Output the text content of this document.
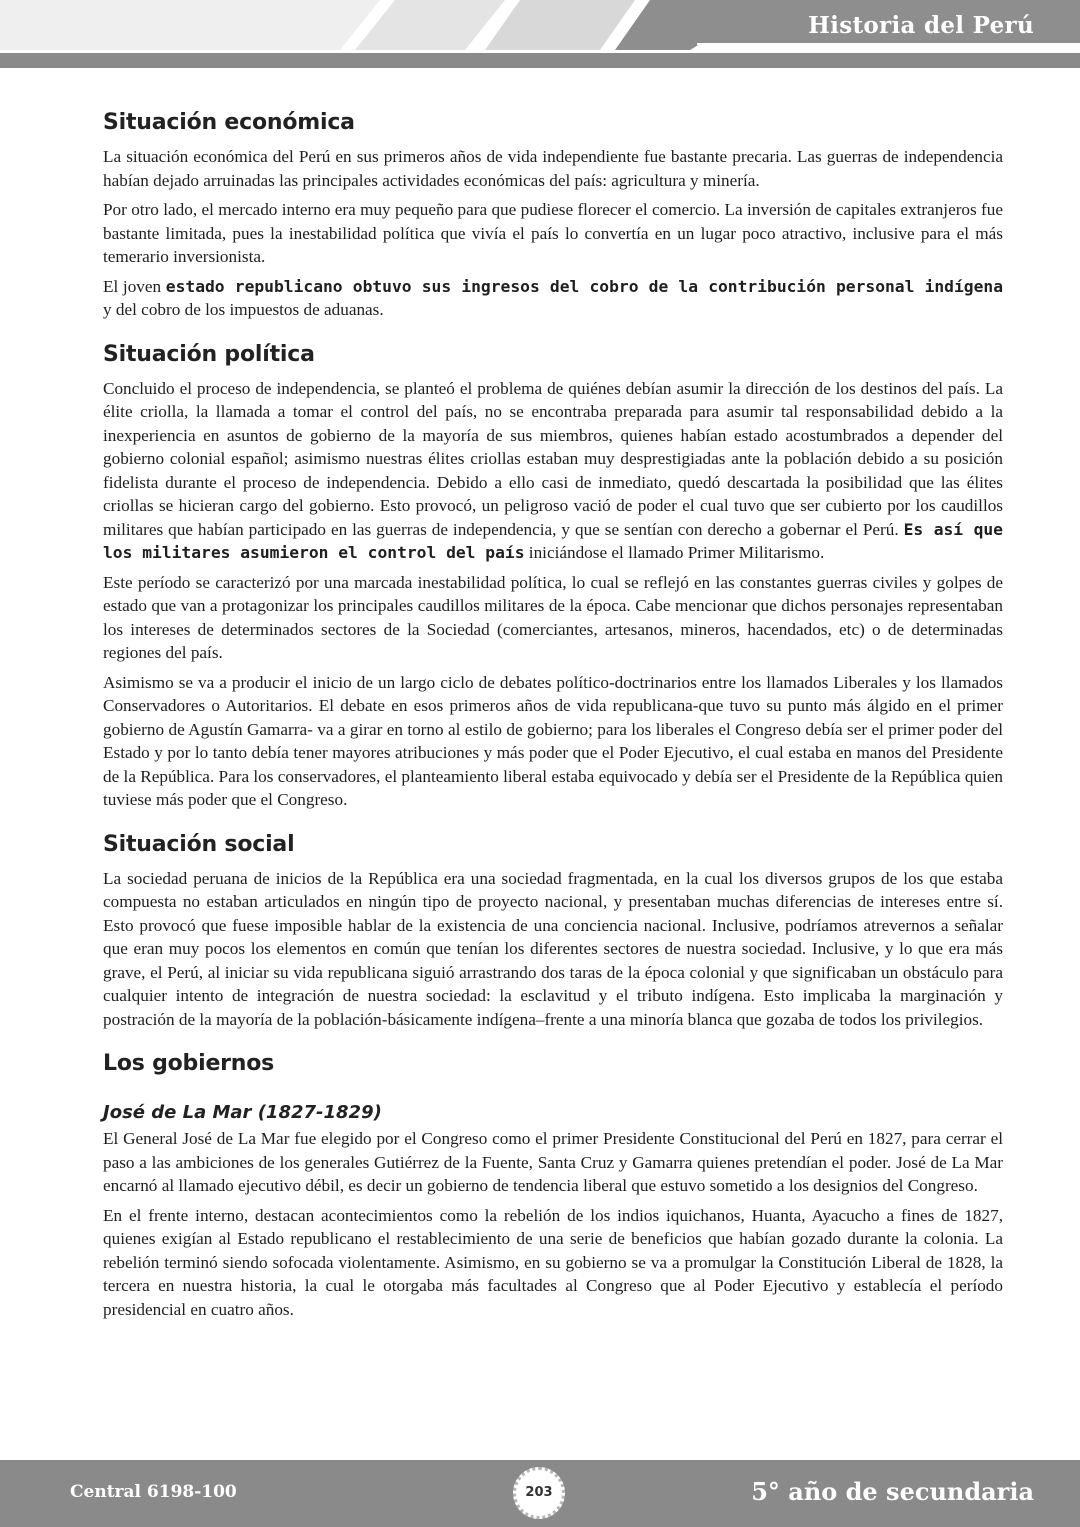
Historia del Perú
Situación económica

La situación económica del Perú en sus primeros años de vida independiente fue bastante precaria. Las guerras de independencia habían dejado arruinadas las principales actividades económicas del país: agricultura y minería.

Por otro lado, el mercado interno era muy pequeño para que pudiese florecer el comercio. La inversión de capitales extranjeros fue bastante limitada, pues la inestabilidad política que vivía el país lo convertía en un lugar poco atractivo, inclusive para el más temerario inversionista.

El joven estado republicano obtuvo sus ingresos del cobro de la contribución personal indígena y del cobro de los impuestos de aduanas.

Situación política

Concluido el proceso de independencia, se planteó el problema de quiénes debían asumir la dirección de los destinos del país. La élite criolla, la llamada a tomar el control del país, no se encontraba preparada para asumir tal responsabilidad debido a la inexperiencia en asuntos de gobierno de la mayoría de sus miembros, quienes habían estado acostumbrados a depender del gobierno colonial español; asimismo nuestras élites criollas estaban muy desprestigiadas ante la población debido a su posición fidelista durante el proceso de independencia. Debido a ello casi de inmediato, quedó descartada la posibilidad que las élites criollas se hicieran cargo del gobierno. Esto provocó, un peligroso vació de poder el cual tuvo que ser cubierto por los caudillos militares que habían participado en las guerras de independencia, y que se sentían con derecho a gobernar el Perú. Es así que los militares asumieron el control del país iniciándose el llamado Primer Militarismo.

Este período se caracterizó por una marcada inestabilidad política, lo cual se reflejó en las constantes guerras civiles y golpes de estado que van a protagonizar los principales caudillos militares de la época. Cabe mencionar que dichos personajes representaban los intereses de determinados sectores de la Sociedad (comerciantes, artesanos, mineros, hacendados, etc) o de determinadas regiones del país.

Asimismo se va a producir el inicio de un largo ciclo de debates político-doctrinarios entre los llamados Liberales y los llamados Conservadores o Autoritarios. El debate en esos primeros años de vida republicana-que tuvo su punto más álgido en el primer gobierno de Agustín Gamarra- va a girar en torno al estilo de gobierno; para los liberales el Congreso debía ser el primer poder del Estado y por lo tanto debía tener mayores atribuciones y más poder que el Poder Ejecutivo, el cual estaba en manos del Presidente de la República. Para los conservadores, el planteamiento liberal estaba equivocado y debía ser el Presidente de la República quien tuviese más poder que el Congreso.

Situación social

La sociedad peruana de inicios de la República era una sociedad fragmentada, en la cual los diversos grupos de los que estaba compuesta no estaban articulados en ningún tipo de proyecto nacional, y presentaban muchas diferencias de intereses entre sí. Esto provocó que fuese imposible hablar de la existencia de una conciencia nacional. Inclusive, podríamos atrevernos a señalar que eran muy pocos los elementos en común que tenían los diferentes sectores de nuestra sociedad. Inclusive, y lo que era más grave, el Perú, al iniciar su vida republicana siguió arrastrando dos taras de la época colonial y que significaban un obstáculo para cualquier intento de integración de nuestra sociedad: la esclavitud y el tributo indígena. Esto implicaba la marginación y postración de la mayoría de la población-básicamente indígena–frente a una minoría blanca que gozaba de todos los privilegios.

Los gobiernos
José de La Mar (1827-1829)

El General José de La Mar fue elegido por el Congreso como el primer Presidente Constitucional del Perú en 1827, para cerrar el paso a las ambiciones de los generales Gutiérrez de la Fuente, Santa Cruz y Gamarra quienes pretendían el poder. José de La Mar encarnó al llamado ejecutivo débil, es decir un gobierno de tendencia liberal que estuvo sometido a los designios del Congreso.

En el frente interno, destacan acontecimientos como la rebelión de los indios iquichanos, Huanta, Ayacucho a fines de 1827, quienes exigían al Estado republicano el restablecimiento de una serie de beneficios que habían gozado durante la colonia. La rebelión terminó siendo sofocada violentamente. Asimismo, en su gobierno se va a promulgar la Constitución Liberal de 1828, la tercera en nuestra historia, la cual le otorgaba más facultades al Congreso que al Poder Ejecutivo y establecía el período presidencial en cuatro años.

Central 6198-100	203	5° año de secundaria
